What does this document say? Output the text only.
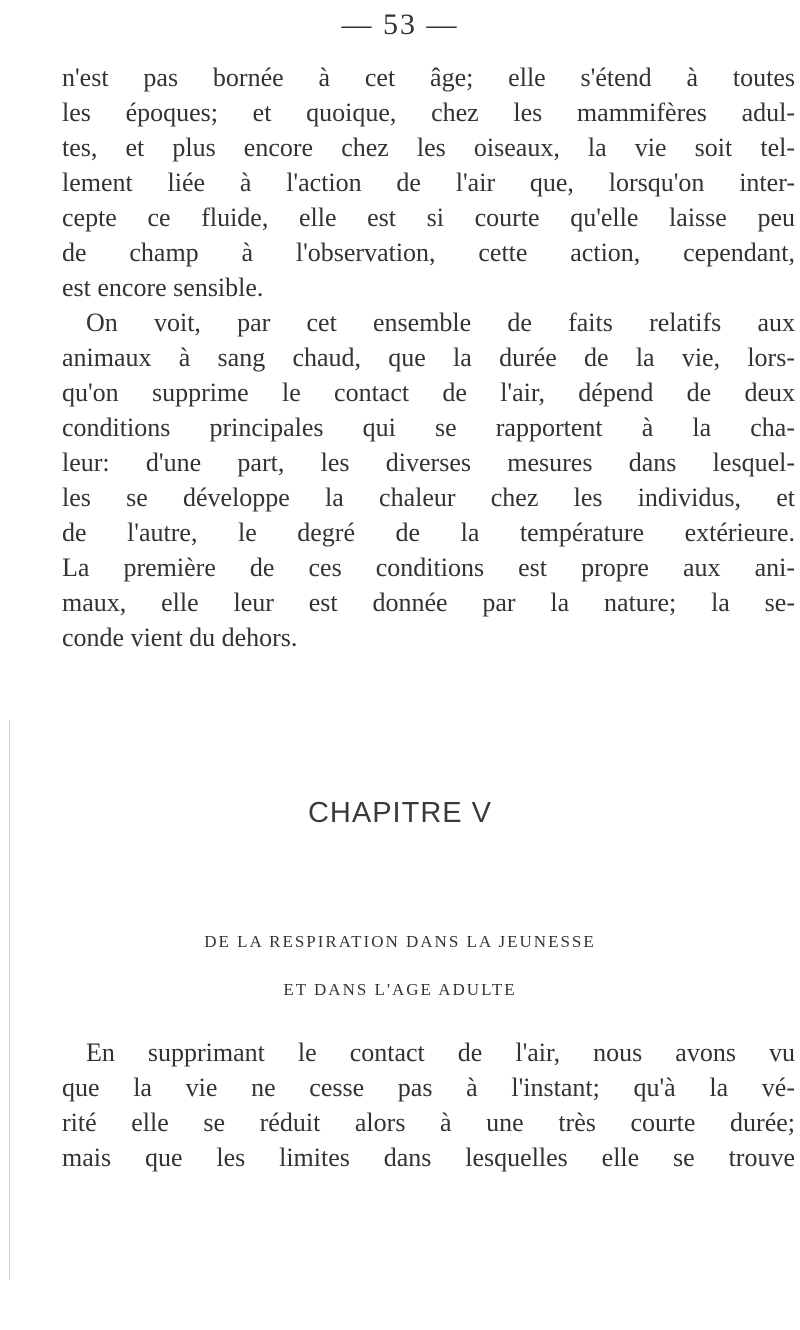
— 53 —
n'est pas bornée à cet âge; elle s'étend à toutes
les époques; et quoique, chez les mammifères adul-
tes, et plus encore chez les oiseaux, la vie soit tel-
lement liée à l'action de l'air que, lorsqu'on inter-
cepte ce fluide, elle est si courte qu'elle laisse peu
de champ à l'observation, cette action, cependant,
est encore sensible.
On voit, par cet ensemble de faits relatifs aux
animaux à sang chaud, que la durée de la vie, lors-
qu'on supprime le contact de l'air, dépend de deux
conditions principales qui se rapportent à la cha-
leur: d'une part, les diverses mesures dans lesquel-
les se développe la chaleur chez les individus, et
de l'autre, le degré de la température extérieure.
La première de ces conditions est propre aux ani-
maux, elle leur est donnée par la nature; la se-
conde vient du dehors.
CHAPITRE V
DE LA RESPIRATION DANS LA JEUNESSE
ET DANS L'AGE ADULTE
En supprimant le contact de l'air, nous avons vu
que la vie ne cesse pas à l'instant; qu'à la vé-
rité elle se réduit alors à une très courte durée;
mais que les limites dans lesquelles elle se trouve
